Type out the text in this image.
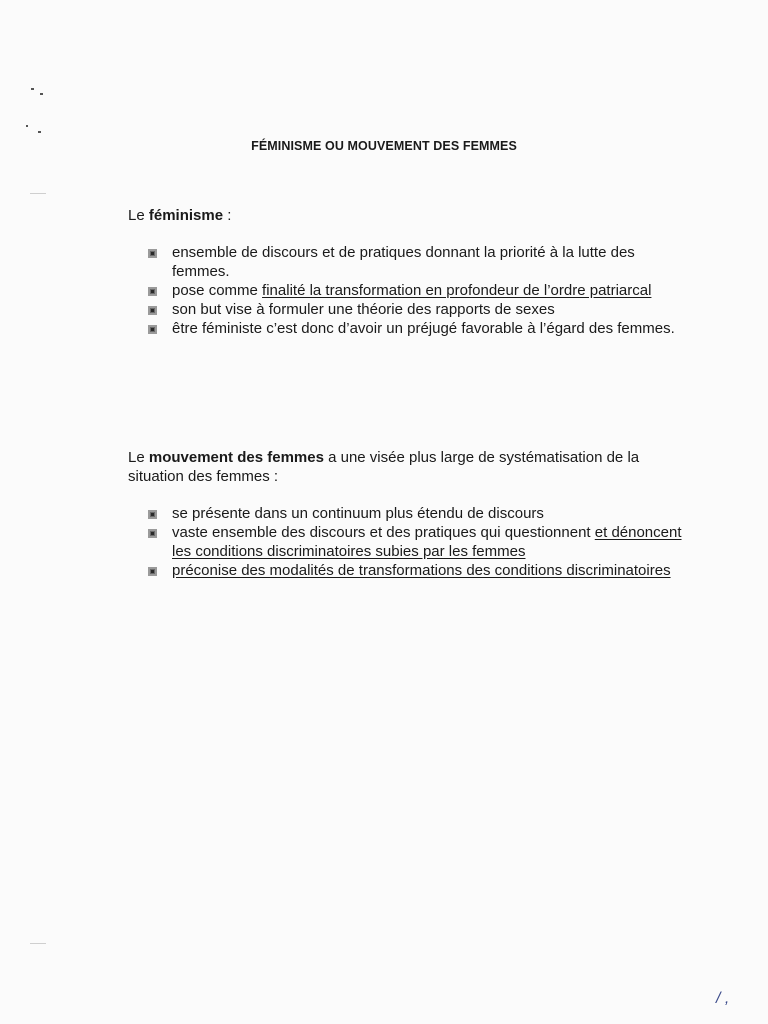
FÉMINISME OU MOUVEMENT DES FEMMES
Le féminisme :
ensemble de discours et de pratiques donnant la priorité à la lutte des femmes.
pose comme finalité la transformation en profondeur de l’ordre patriarcal
son but vise à formuler une théorie des rapports de sexes
être féministe c’est donc d’avoir un préjugé favorable à l’égard des femmes.
Le mouvement des femmes a une visée plus large de systématisation de la situation des femmes :
se présente dans un continuum plus étendu de discours
vaste ensemble des discours et des pratiques qui questionnent et dénoncent les conditions discriminatoires subies par les femmes
préconise des modalités de transformations des conditions discriminatoires
/ ,
